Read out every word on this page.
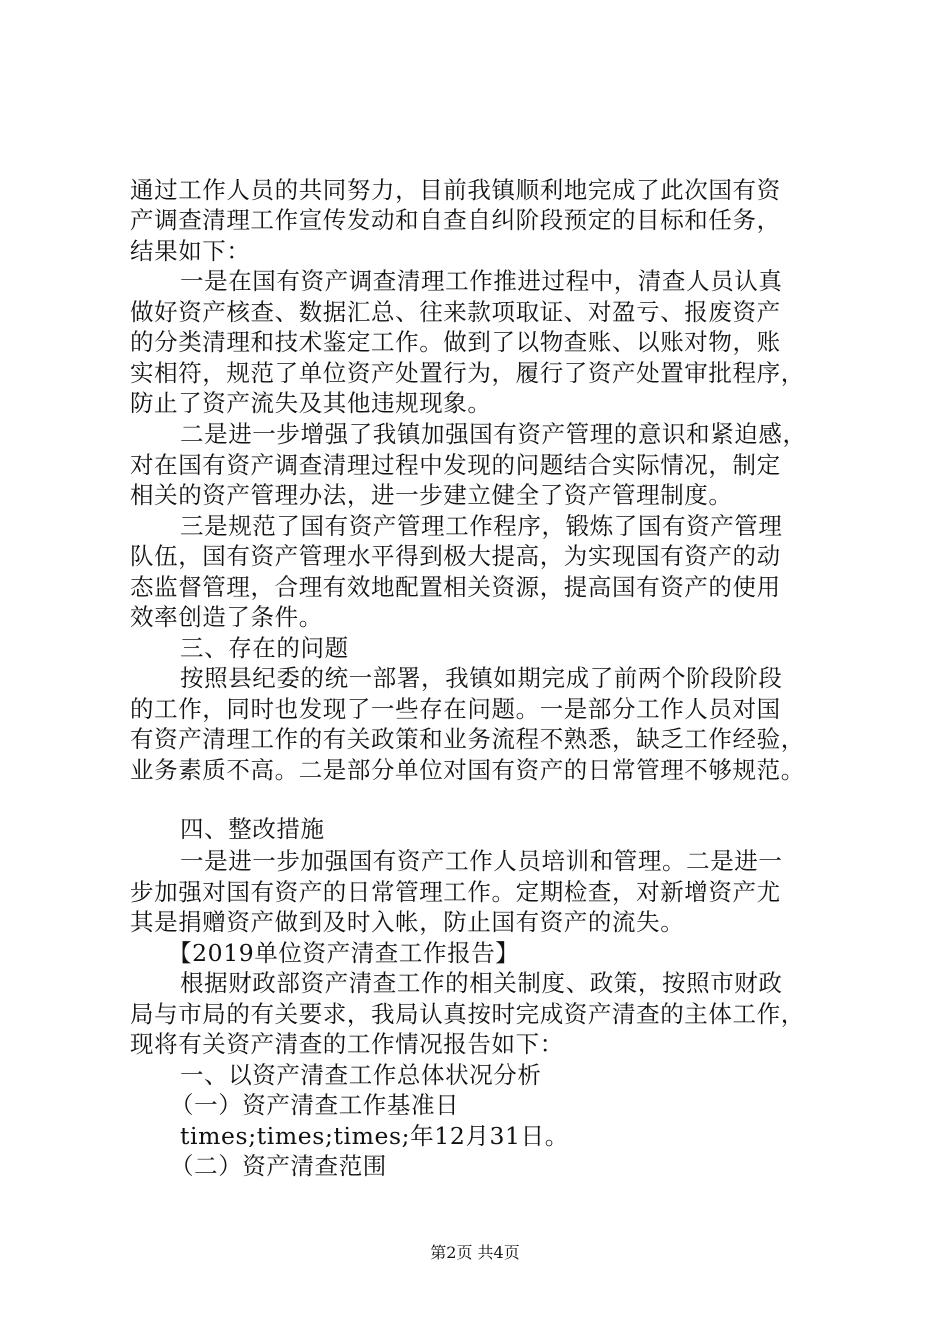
通过工作人员的共同努力，目前我镇顺利地完成了此次国有资
产调查清理工作宣传发动和自查自纠阶段预定的目标和任务，
结果如下：
一是在国有资产调查清理工作推进过程中，清查人员认真
做好资产核查、数据汇总、往来款项取证、对盈亏、报废资产
的分类清理和技术鉴定工作。做到了以物查账、以账对物，账
实相符，规范了单位资产处置行为，履行了资产处置审批程序，
防止了资产流失及其他违规现象。
二是进一步增强了我镇加强国有资产管理的意识和紧迫感，
对在国有资产调查清理过程中发现的问题结合实际情况，制定
相关的资产管理办法，进一步建立健全了资产管理制度。
三是规范了国有资产管理工作程序，锻炼了国有资产管理
队伍，国有资产管理水平得到极大提高，为实现国有资产的动
态监督管理，合理有效地配置相关资源，提高国有资产的使用
效率创造了条件。
三、存在的问题
按照县纪委的统一部署，我镇如期完成了前两个阶段阶段
的工作，同时也发现了一些存在问题。一是部分工作人员对国
有资产清理工作的有关政策和业务流程不熟悉，缺乏工作经验，
业务素质不高。二是部分单位对国有资产的日常管理不够规范。
四、整改措施
一是进一步加强国有资产工作人员培训和管理。二是进一
步加强对国有资产的日常管理工作。定期检查，对新增资产尤
其是捐赠资产做到及时入帐，防止国有资产的流失。
【2019单位资产清查工作报告】
根据财政部资产清查工作的相关制度、政策，按照市财政
局与市局的有关要求，我局认真按时完成资产清查的主体工作，
现将有关资产清查的工作情况报告如下：
一、以资产清查工作总体状况分析
（一）资产清查工作基准日
times;times;times;年12月31日。
（二）资产清查范围
第2页 共4页
